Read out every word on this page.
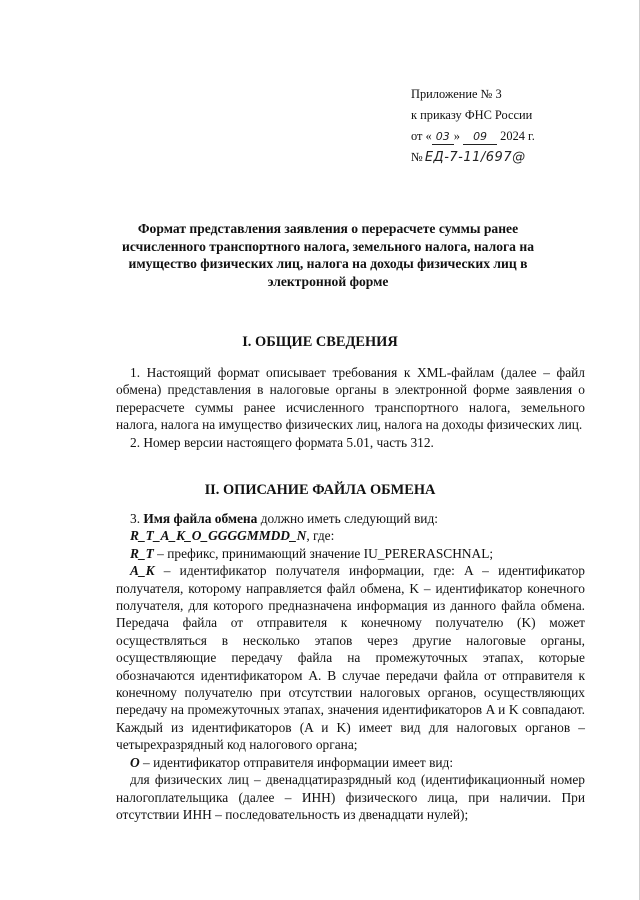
Приложение № 3
к приказу ФНС России
от « 03 » 09 2024 г.
№ ЕД-7-11/697@
Формат представления заявления о перерасчете суммы ранее исчисленного транспортного налога, земельного налога, налога на имущество физических лиц, налога на доходы физических лиц в электронной форме
I. ОБЩИЕ СВЕДЕНИЯ

1. Настоящий формат описывает требования к XML-файлам (далее – файл обмена) представления в налоговые органы в электронной форме заявления о перерасчете суммы ранее исчисленного транспортного налога, земельного налога, налога на имущество физических лиц, налога на доходы физических лиц.

2. Номер версии настоящего формата 5.01, часть 312.

II. ОПИСАНИЕ ФАЙЛА ОБМЕНА

3. Имя файла обмена должно иметь следующий вид:

R_T_A_K_O_GGGGMMDD_N, где:

R_T – префикс, принимающий значение IU_PERERASCHNAL;

A_K – идентификатор получателя информации, где: A – идентификатор получателя, которому направляется файл обмена, K – идентификатор конечного получателя, для которого предназначена информация из данного файла обмена. Передача файла от отправителя к конечному получателю (K) может осуществляться в несколько этапов через другие налоговые органы, осуществляющие передачу файла на промежуточных этапах, которые обозначаются идентификатором A. В случае передачи файла от отправителя к конечному получателю при отсутствии налоговых органов, осуществляющих передачу на промежуточных этапах, значения идентификаторов A и K совпадают. Каждый из идентификаторов (A и K) имеет вид для налоговых органов – четырехразрядный код налогового органа;

O – идентификатор отправителя информации имеет вид:

для физических лиц – двенадцатиразрядный код (идентификационный номер налогоплательщика (далее – ИНН) физического лица, при наличии. При отсутствии ИНН – последовательность из двенадцати нулей);
